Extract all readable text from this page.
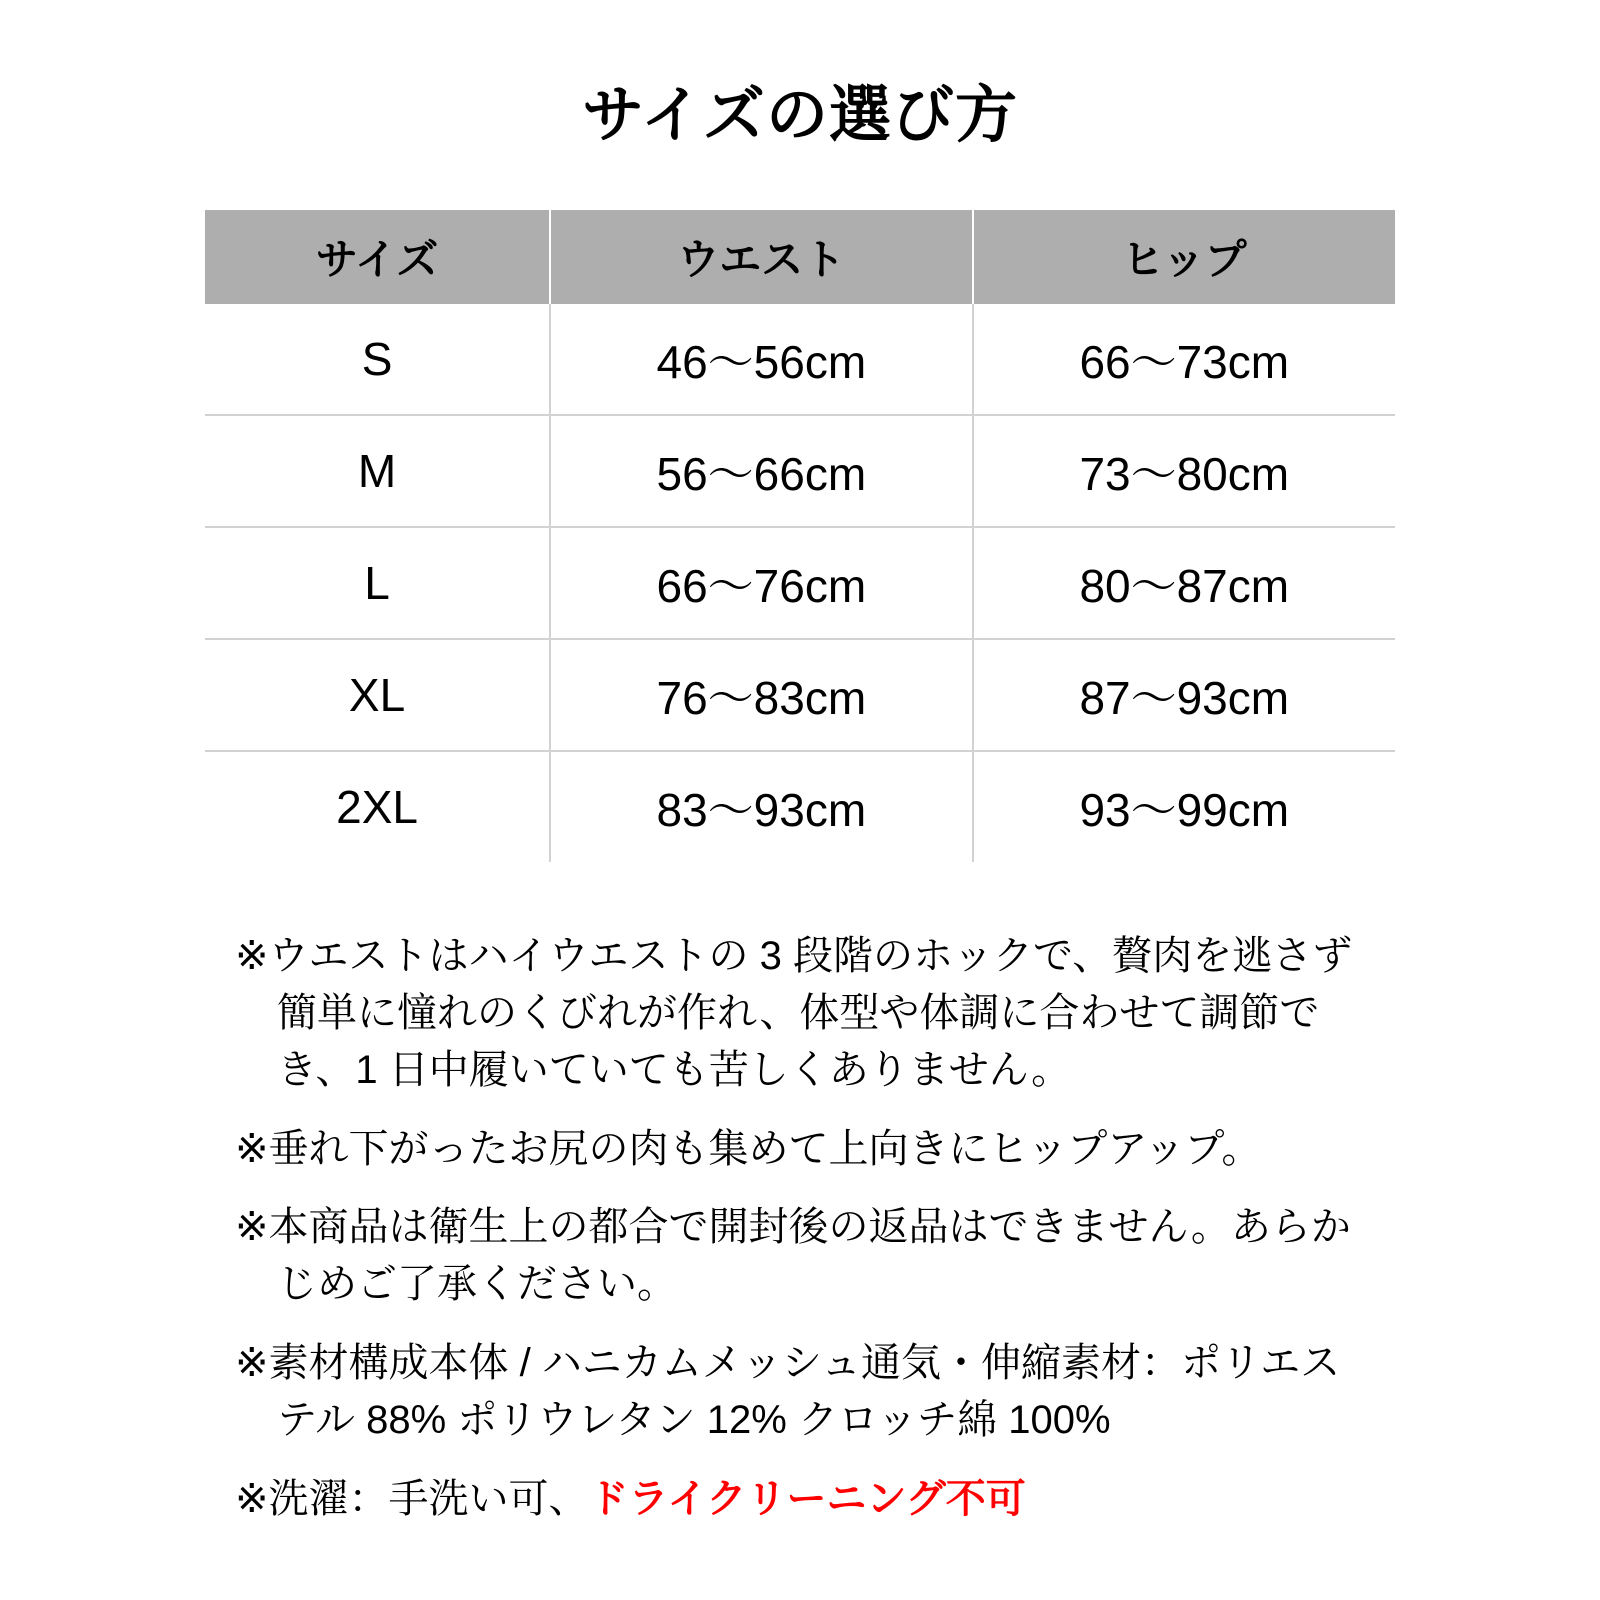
サイズの選び方
サイズ	ウエスト	ヒップ
S	46〜56cm	66〜73cm
M	56〜66cm	73〜80cm
L	66〜76cm	80〜87cm
XL	76〜83cm	87〜93cm
2XL	83〜93cm	93〜99cm
※ウエストはハイウエストの 3 段階のホックで、贅肉を逃さず簡単に憧れのくびれが作れ、体型や体調に合わせて調節でき、1 日中履いていても苦しくありません。
※垂れ下がったお尻の肉も集めて上向きにヒップアップ。
※本商品は衛生上の都合で開封後の返品はできません。あらかじめご了承ください。
※素材構成本体 / ハニカムメッシュ通気・伸縮素材：ポリエステル 88% ポリウレタン 12% クロッチ綿 100%
※洗濯：手洗い可、ドライクリーニング不可
